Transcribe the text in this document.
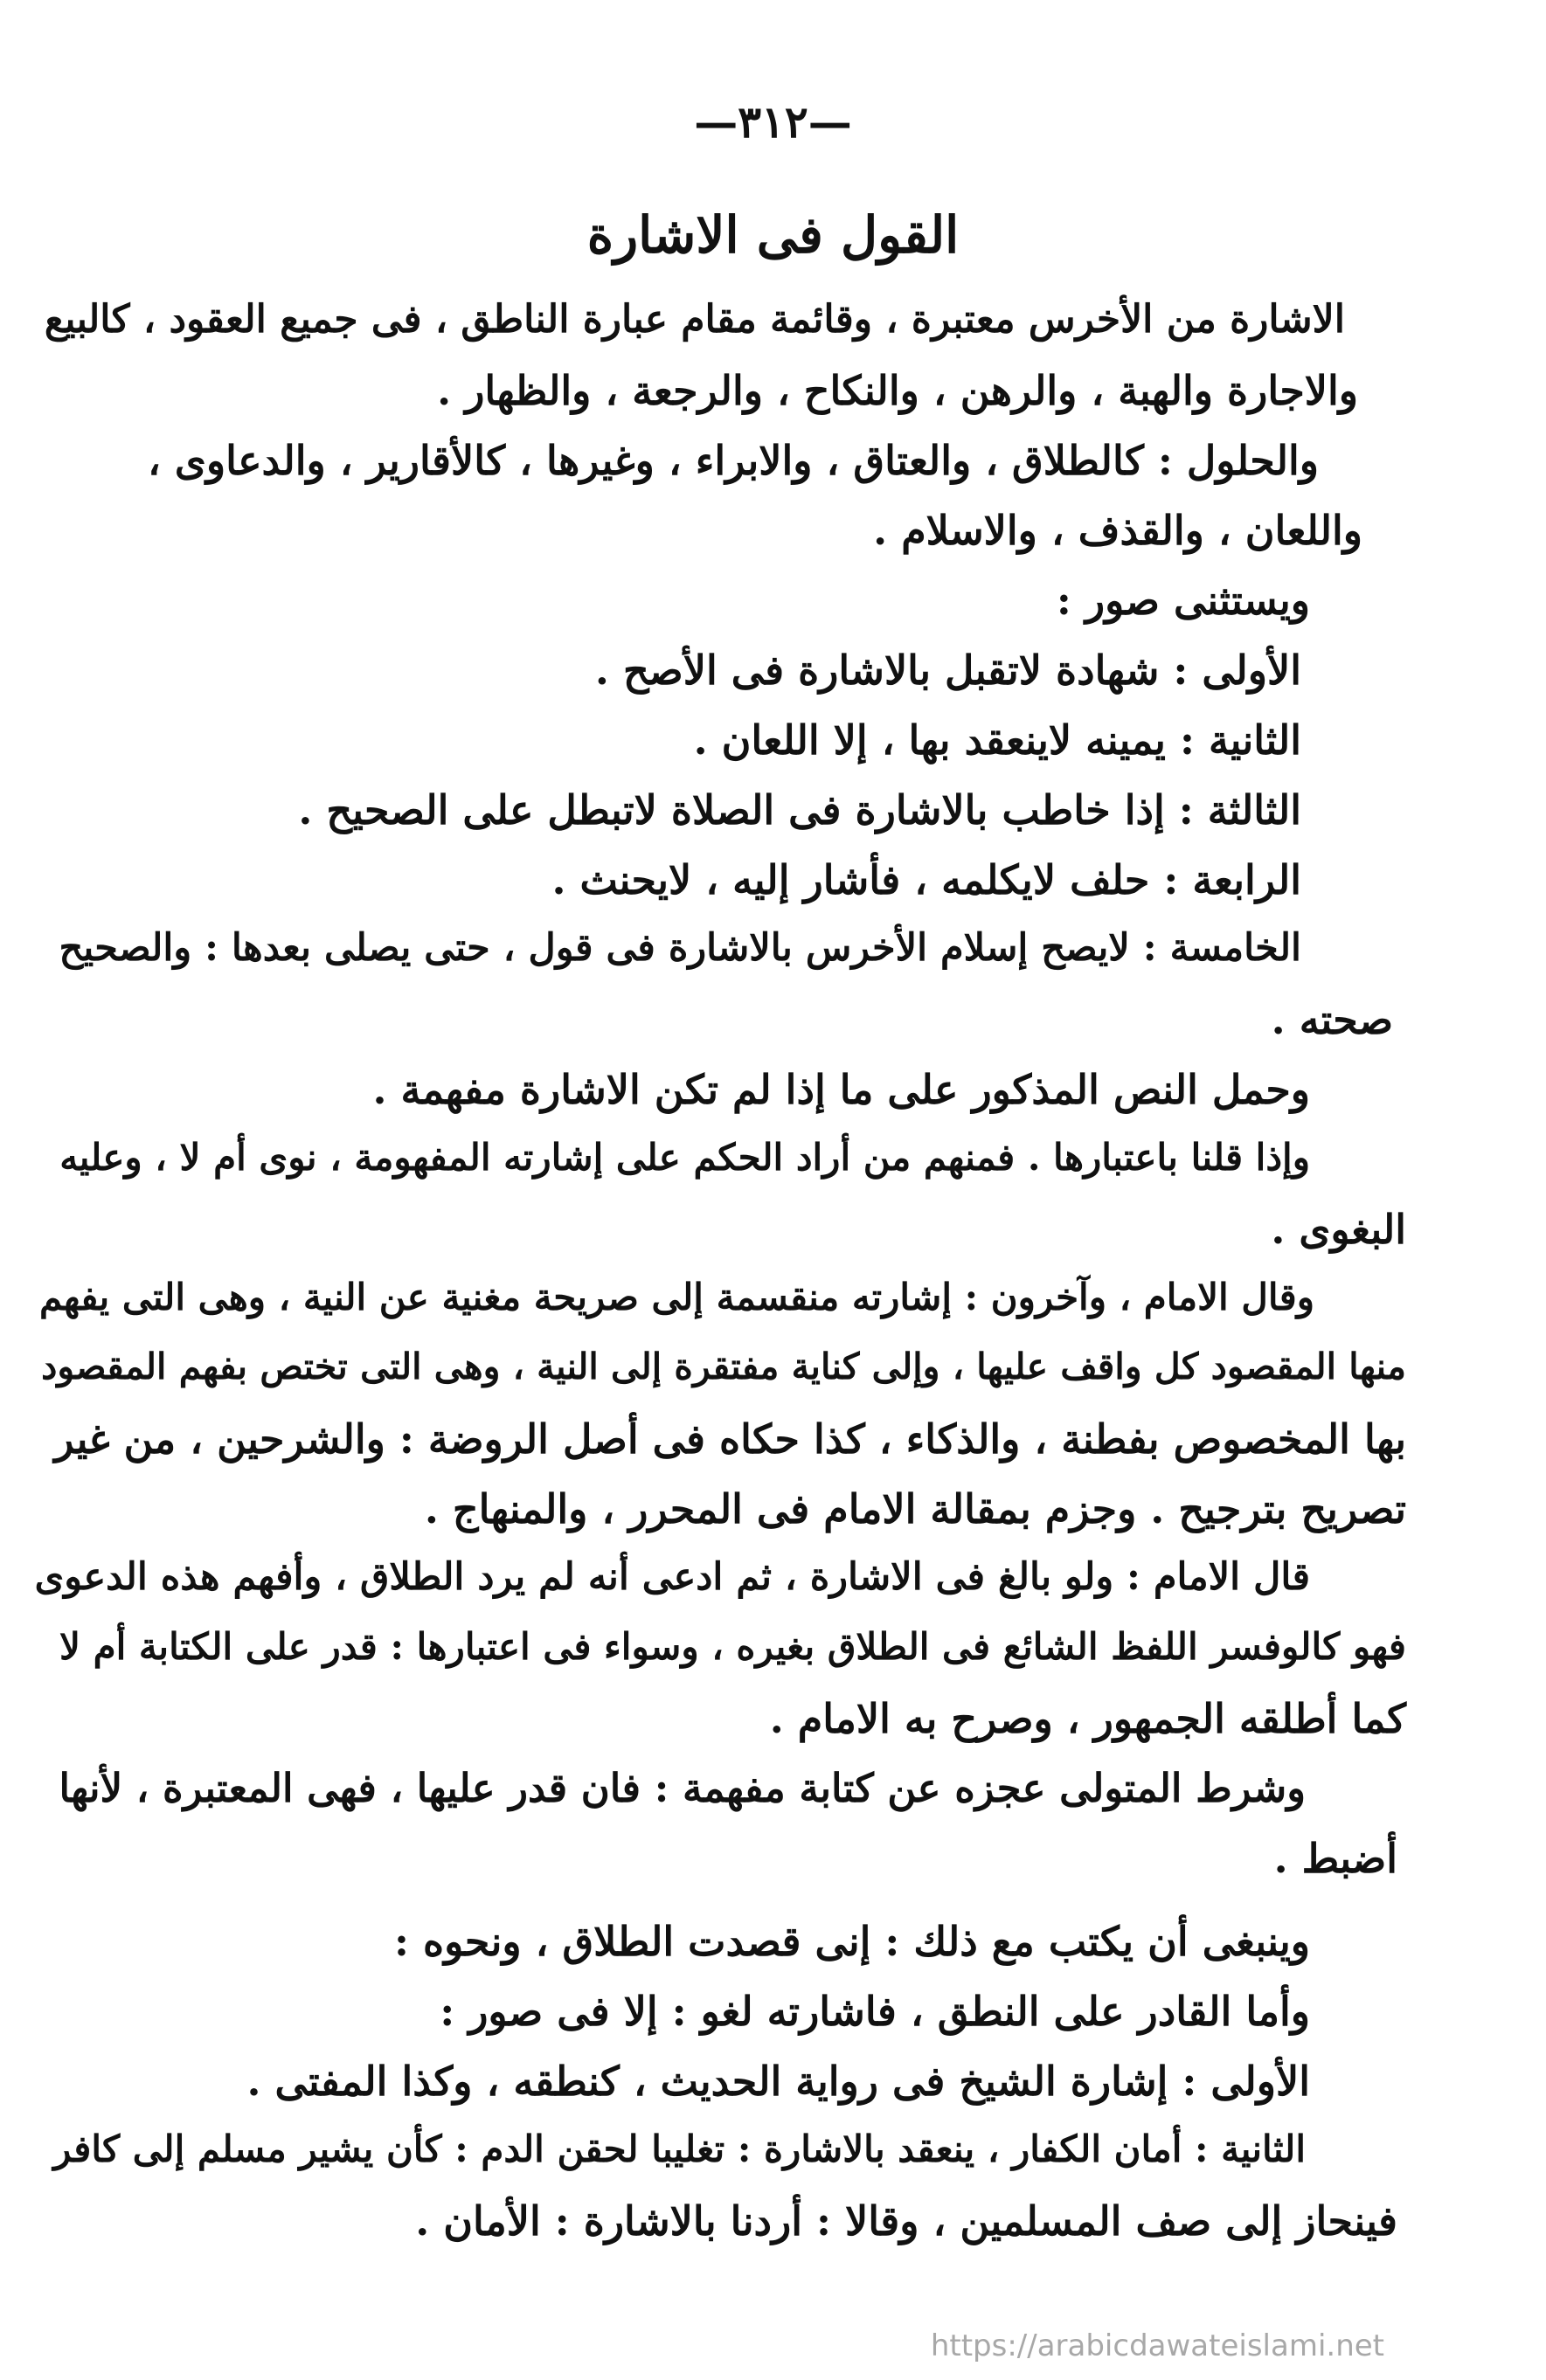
—٣١٢—
القول فى الاشارة
الاشارة من الأخرس معتبرة ، وقائمة مقام عبارة الناطق ، فى جميع العقود ، كالبيع
والاجارة والهبة ، والرهن ، والنكاح ، والرجعة ، والظهار .
والحلول : كالطلاق ، والعتاق ، والابراء ، وغيرها ، كالأقارير ، والدعاوى ،
واللعان ، والقذف ، والاسلام .
ويستثنى صور :
الأولى : شهادة لاتقبل بالاشارة فى الأصح .
الثانية : يمينه لاينعقد بها ، إلا اللعان .
الثالثة : إذا خاطب بالاشارة فى الصلاة لاتبطل على الصحيح .
الرابعة : حلف لايكلمه ، فأشار إليه ، لايحنث .
الخامسة : لايصح إسلام الأخرس بالاشارة فى قول ، حتى يصلى بعدها : والصحيح
صحته .
وحمل النص المذكور على ما إذا لم تكن الاشارة مفهمة .
وإذا قلنا باعتبارها . فمنهم من أراد الحكم على إشارته المفهومة ، نوى أم لا ، وعليه
البغوى .
وقال الامام ، وآخرون : إشارته منقسمة إلى صريحة مغنية عن النية ، وهى التى يفهم
منها المقصود كل واقف عليها ، وإلى كناية مفتقرة إلى النية ، وهى التى تختص بفهم المقصود
بها المخصوص بفطنة ، والذكاء ، كذا حكاه فى أصل الروضة : والشرحين ، من غير
تصريح بترجيح . وجزم بمقالة الامام فى المحرر ، والمنهاج .
قال الامام : ولو بالغ فى الاشارة ، ثم ادعى أنه لم يرد الطلاق ، وأفهم هذه الدعوى
فهو كالوفسر اللفظ الشائع فى الطلاق بغيره ، وسواء فى اعتبارها : قدر على الكتابة أم لا
كما أطلقه الجمهور ، وصرح به الامام .
وشرط المتولى عجزه عن كتابة مفهمة : فان قدر عليها ، فهى المعتبرة ، لأنها
أضبط .
وينبغى أن يكتب مع ذلك : إنى قصدت الطلاق ، ونحوه :
وأما القادر على النطق ، فاشارته لغو : إلا فى صور :
الأولى : إشارة الشيخ فى رواية الحديث ، كنطقه ، وكذا المفتى .
الثانية : أمان الكفار ، ينعقد بالاشارة : تغليبا لحقن الدم : كأن يشير مسلم إلى كافر
فينحاز إلى صف المسلمين ، وقالا : أردنا بالاشارة : الأمان .
https://arabicdawateislami.net
